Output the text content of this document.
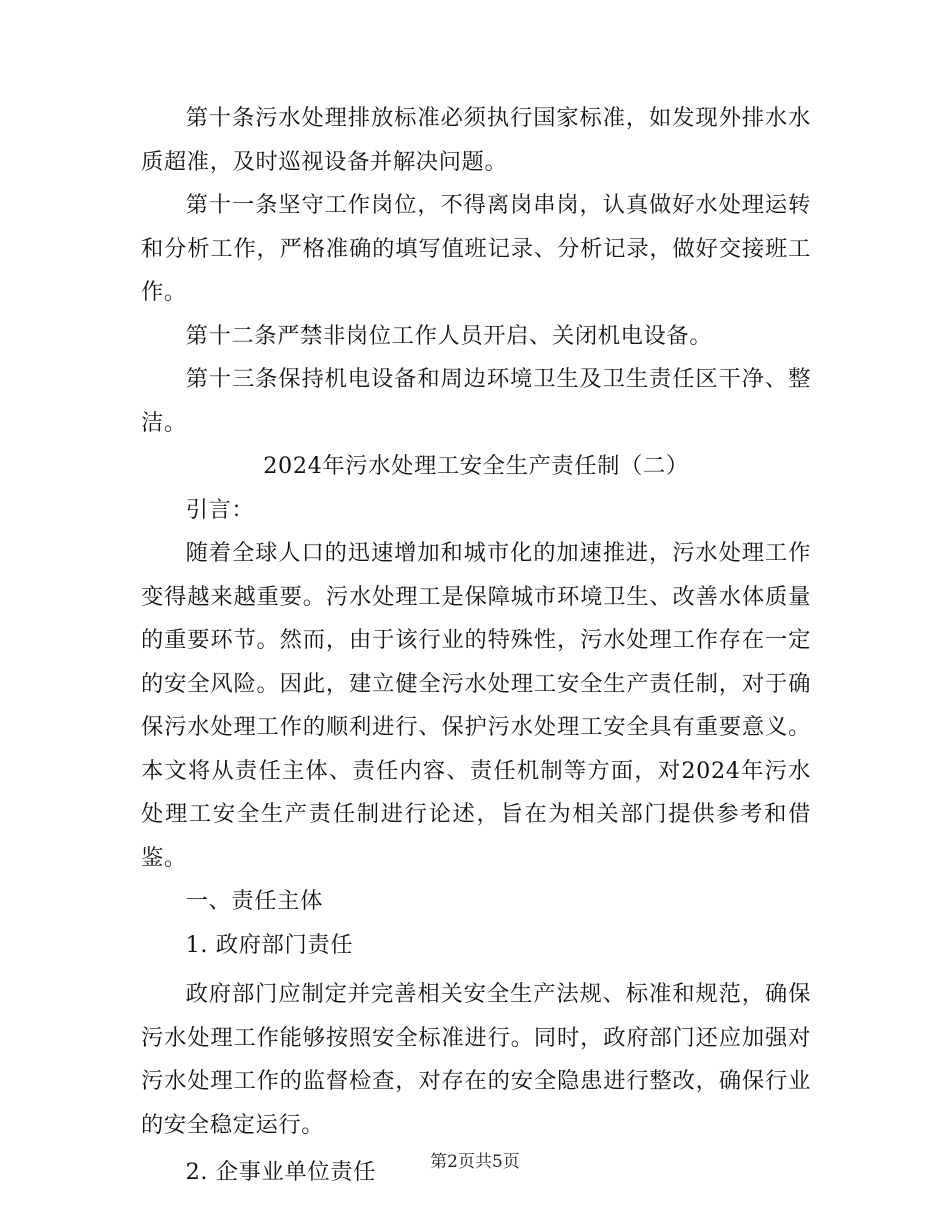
第十条污水处理排放标准必须执行国家标准，如发现外排水水质超准，及时巡视设备并解决问题。

第十一条坚守工作岗位，不得离岗串岗，认真做好水处理运转和分析工作，严格准确的填写值班记录、分析记录，做好交接班工作。

第十二条严禁非岗位工作人员开启、关闭机电设备。

第十三条保持机电设备和周边环境卫生及卫生责任区干净、整洁。

2024年污水处理工安全生产责任制（二）

引言：

随着全球人口的迅速增加和城市化的加速推进，污水处理工作变得越来越重要。污水处理工是保障城市环境卫生、改善水体质量的重要环节。然而，由于该行业的特殊性，污水处理工作存在一定的安全风险。因此，建立健全污水处理工安全生产责任制，对于确保污水处理工作的顺利进行、保护污水处理工安全具有重要意义。本文将从责任主体、责任内容、责任机制等方面，对2024年污水处理工安全生产责任制进行论述，旨在为相关部门提供参考和借鉴。

一、责任主体

1. 政府部门责任

政府部门应制定并完善相关安全生产法规、标准和规范，确保污水处理工作能够按照安全标准进行。同时，政府部门还应加强对污水处理工作的监督检查，对存在的安全隐患进行整改，确保行业的安全稳定运行。

2. 企事业单位责任	第2页共5页
